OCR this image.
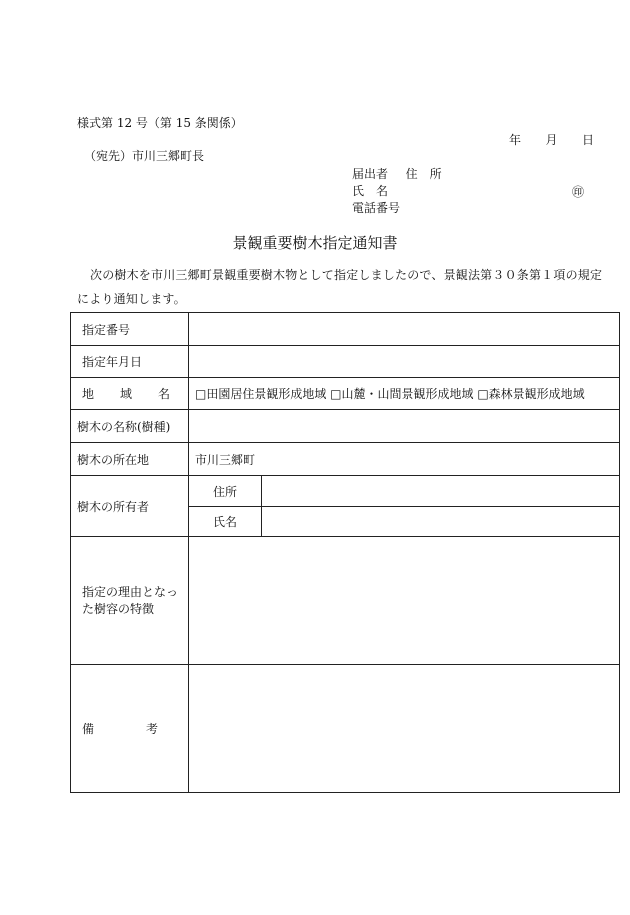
様式第 12 号（第 15 条関係）
年 月 日
（宛先）市川三郷町長
届出者 住　所
氏　名
電話番号
㊞
景観重要樹木指定通知書
次の樹木を市川三郷町景観重要樹木物として指定しましたので、景観法第３０条第１項の規定により通知します。
指定番号		
指定年月日		

地 域 名	□田園居住景観形成地域 □山麓・山間景観形成地域 □森林景観形成地域	
樹木の名称(樹種)		
樹木の所在地	市川三郷町	
樹木の所有者	住所	
	氏名	

指定の理由となっ
た樹容の特徴		

備 考		
